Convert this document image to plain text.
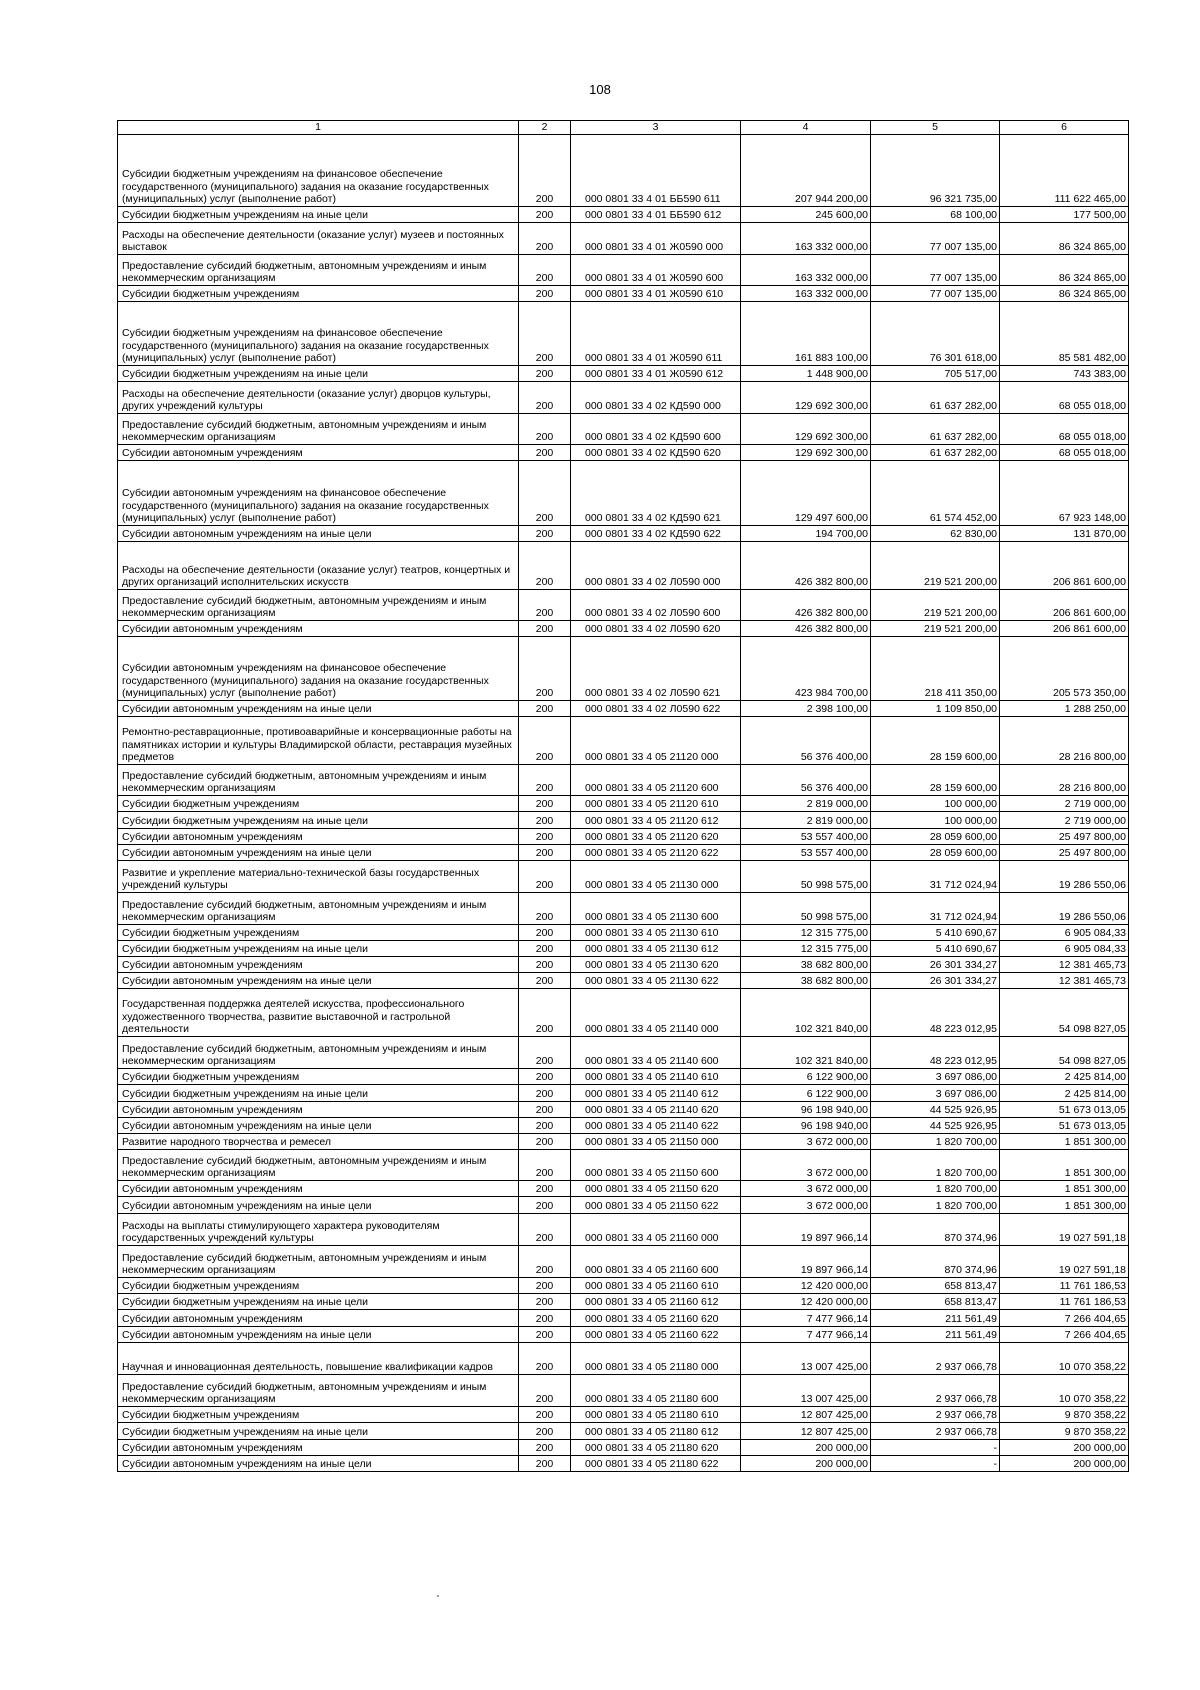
108
1	2	3	4	5	6
Субсидии бюджетным учреждениям на финансовое обеспечение государственного (муниципального) задания на оказание государственных (муниципальных) услуг (выполнение работ)	200	000 0801 33 4 01 ББ590 611	207 944 200,00	96 321 735,00	111 622 465,00
Субсидии бюджетным учреждениям на иные цели	200	000 0801 33 4 01 ББ590 612	245 600,00	68 100,00	177 500,00
Расходы на обеспечение деятельности (оказание услуг) музеев и постоянных выставок	200	000 0801 33 4 01 Ж0590 000	163 332 000,00	77 007 135,00	86 324 865,00
Предоставление субсидий бюджетным, автономным учреждениям и иным некоммерческим организациям	200	000 0801 33 4 01 Ж0590 600	163 332 000,00	77 007 135,00	86 324 865,00
Субсидии бюджетным учреждениям	200	000 0801 33 4 01 Ж0590 610	163 332 000,00	77 007 135,00	86 324 865,00
Субсидии бюджетным учреждениям на финансовое обеспечение государственного (муниципального) задания на оказание государственных (муниципальных) услуг (выполнение работ)	200	000 0801 33 4 01 Ж0590 611	161 883 100,00	76 301 618,00	85 581 482,00
Субсидии бюджетным учреждениям на иные цели	200	000 0801 33 4 01 Ж0590 612	1 448 900,00	705 517,00	743 383,00
Расходы на обеспечение деятельности (оказание услуг) дворцов культуры, других учреждений культуры	200	000 0801 33 4 02 КД590 000	129 692 300,00	61 637 282,00	68 055 018,00
Предоставление субсидий бюджетным, автономным учреждениям и иным некоммерческим организациям	200	000 0801 33 4 02 КД590 600	129 692 300,00	61 637 282,00	68 055 018,00
Субсидии автономным учреждениям	200	000 0801 33 4 02 КД590 620	129 692 300,00	61 637 282,00	68 055 018,00
Субсидии автономным учреждениям на финансовое обеспечение государственного (муниципального) задания на оказание государственных (муниципальных) услуг (выполнение работ)	200	000 0801 33 4 02 КД590 621	129 497 600,00	61 574 452,00	67 923 148,00
Субсидии автономным учреждениям на иные цели	200	000 0801 33 4 02 КД590 622	194 700,00	62 830,00	131 870,00
Расходы на обеспечение деятельности (оказание услуг) театров, концертных и других организаций исполнительских искусств	200	000 0801 33 4 02 Л0590 000	426 382 800,00	219 521 200,00	206 861 600,00
Предоставление субсидий бюджетным, автономным учреждениям и иным некоммерческим организациям	200	000 0801 33 4 02 Л0590 600	426 382 800,00	219 521 200,00	206 861 600,00
Субсидии автономным учреждениям	200	000 0801 33 4 02 Л0590 620	426 382 800,00	219 521 200,00	206 861 600,00
Субсидии автономным учреждениям на финансовое обеспечение государственного (муниципального) задания на оказание государственных (муниципальных) услуг (выполнение работ)	200	000 0801 33 4 02 Л0590 621	423 984 700,00	218 411 350,00	205 573 350,00
Субсидии автономным учреждениям на иные цели	200	000 0801 33 4 02 Л0590 622	2 398 100,00	1 109 850,00	1 288 250,00
Ремонтно-реставрационные, противоаварийные и консервационные работы на памятниках истории и культуры Владимирской области, реставрация музейных предметов	200	000 0801 33 4 05 21120 000	56 376 400,00	28 159 600,00	28 216 800,00
Предоставление субсидий бюджетным, автономным учреждениям и иным некоммерческим организациям	200	000 0801 33 4 05 21120 600	56 376 400,00	28 159 600,00	28 216 800,00
Субсидии бюджетным учреждениям	200	000 0801 33 4 05 21120 610	2 819 000,00	100 000,00	2 719 000,00
Субсидии бюджетным учреждениям на иные цели	200	000 0801 33 4 05 21120 612	2 819 000,00	100 000,00	2 719 000,00
Субсидии автономным учреждениям	200	000 0801 33 4 05 21120 620	53 557 400,00	28 059 600,00	25 497 800,00
Субсидии автономным учреждениям на иные цели	200	000 0801 33 4 05 21120 622	53 557 400,00	28 059 600,00	25 497 800,00
Развитие и укрепление материально-технической базы государственных учреждений культуры	200	000 0801 33 4 05 21130 000	50 998 575,00	31 712 024,94	19 286 550,06
Предоставление субсидий бюджетным, автономным учреждениям и иным некоммерческим организациям	200	000 0801 33 4 05 21130 600	50 998 575,00	31 712 024,94	19 286 550,06
Субсидии бюджетным учреждениям	200	000 0801 33 4 05 21130 610	12 315 775,00	5 410 690,67	6 905 084,33
Субсидии бюджетным учреждениям на иные цели	200	000 0801 33 4 05 21130 612	12 315 775,00	5 410 690,67	6 905 084,33
Субсидии автономным учреждениям	200	000 0801 33 4 05 21130 620	38 682 800,00	26 301 334,27	12 381 465,73
Субсидии автономным учреждениям на иные цели	200	000 0801 33 4 05 21130 622	38 682 800,00	26 301 334,27	12 381 465,73
Государственная поддержка деятелей искусства, профессионального художественного творчества, развитие выставочной и гастрольной деятельности	200	000 0801 33 4 05 21140 000	102 321 840,00	48 223 012,95	54 098 827,05
Предоставление субсидий бюджетным, автономным учреждениям и иным некоммерческим организациям	200	000 0801 33 4 05 21140 600	102 321 840,00	48 223 012,95	54 098 827,05
Субсидии бюджетным учреждениям	200	000 0801 33 4 05 21140 610	6 122 900,00	3 697 086,00	2 425 814,00
Субсидии бюджетным учреждениям на иные цели	200	000 0801 33 4 05 21140 612	6 122 900,00	3 697 086,00	2 425 814,00
Субсидии автономным учреждениям	200	000 0801 33 4 05 21140 620	96 198 940,00	44 525 926,95	51 673 013,05
Субсидии автономным учреждениям на иные цели	200	000 0801 33 4 05 21140 622	96 198 940,00	44 525 926,95	51 673 013,05
Развитие народного творчества и ремесел	200	000 0801 33 4 05 21150 000	3 672 000,00	1 820 700,00	1 851 300,00
Предоставление субсидий бюджетным, автономным учреждениям и иным некоммерческим организациям	200	000 0801 33 4 05 21150 600	3 672 000,00	1 820 700,00	1 851 300,00
Субсидии автономным учреждениям	200	000 0801 33 4 05 21150 620	3 672 000,00	1 820 700,00	1 851 300,00
Субсидии автономным учреждениям на иные цели	200	000 0801 33 4 05 21150 622	3 672 000,00	1 820 700,00	1 851 300,00
Расходы на выплаты стимулирующего характера руководителям государственных учреждений культуры	200	000 0801 33 4 05 21160 000	19 897 966,14	870 374,96	19 027 591,18
Предоставление субсидий бюджетным, автономным учреждениям и иным некоммерческим организациям	200	000 0801 33 4 05 21160 600	19 897 966,14	870 374,96	19 027 591,18
Субсидии бюджетным учреждениям	200	000 0801 33 4 05 21160 610	12 420 000,00	658 813,47	11 761 186,53
Субсидии бюджетным учреждениям на иные цели	200	000 0801 33 4 05 21160 612	12 420 000,00	658 813,47	11 761 186,53
Субсидии автономным учреждениям	200	000 0801 33 4 05 21160 620	7 477 966,14	211 561,49	7 266 404,65
Субсидии автономным учреждениям на иные цели	200	000 0801 33 4 05 21160 622	7 477 966,14	211 561,49	7 266 404,65
Научная и инновационная деятельность, повышение квалификации кадров	200	000 0801 33 4 05 21180 000	13 007 425,00	2 937 066,78	10 070 358,22
Предоставление субсидий бюджетным, автономным учреждениям и иным некоммерческим организациям	200	000 0801 33 4 05 21180 600	13 007 425,00	2 937 066,78	10 070 358,22
Субсидии бюджетным учреждениям	200	000 0801 33 4 05 21180 610	12 807 425,00	2 937 066,78	9 870 358,22
Субсидии бюджетным учреждениям на иные цели	200	000 0801 33 4 05 21180 612	12 807 425,00	2 937 066,78	9 870 358,22
Субсидии автономным учреждениям	200	000 0801 33 4 05 21180 620	200 000,00	-	200 000,00
Субсидии автономным учреждениям на иные цели	200	000 0801 33 4 05 21180 622	200 000,00	-	200 000,00
